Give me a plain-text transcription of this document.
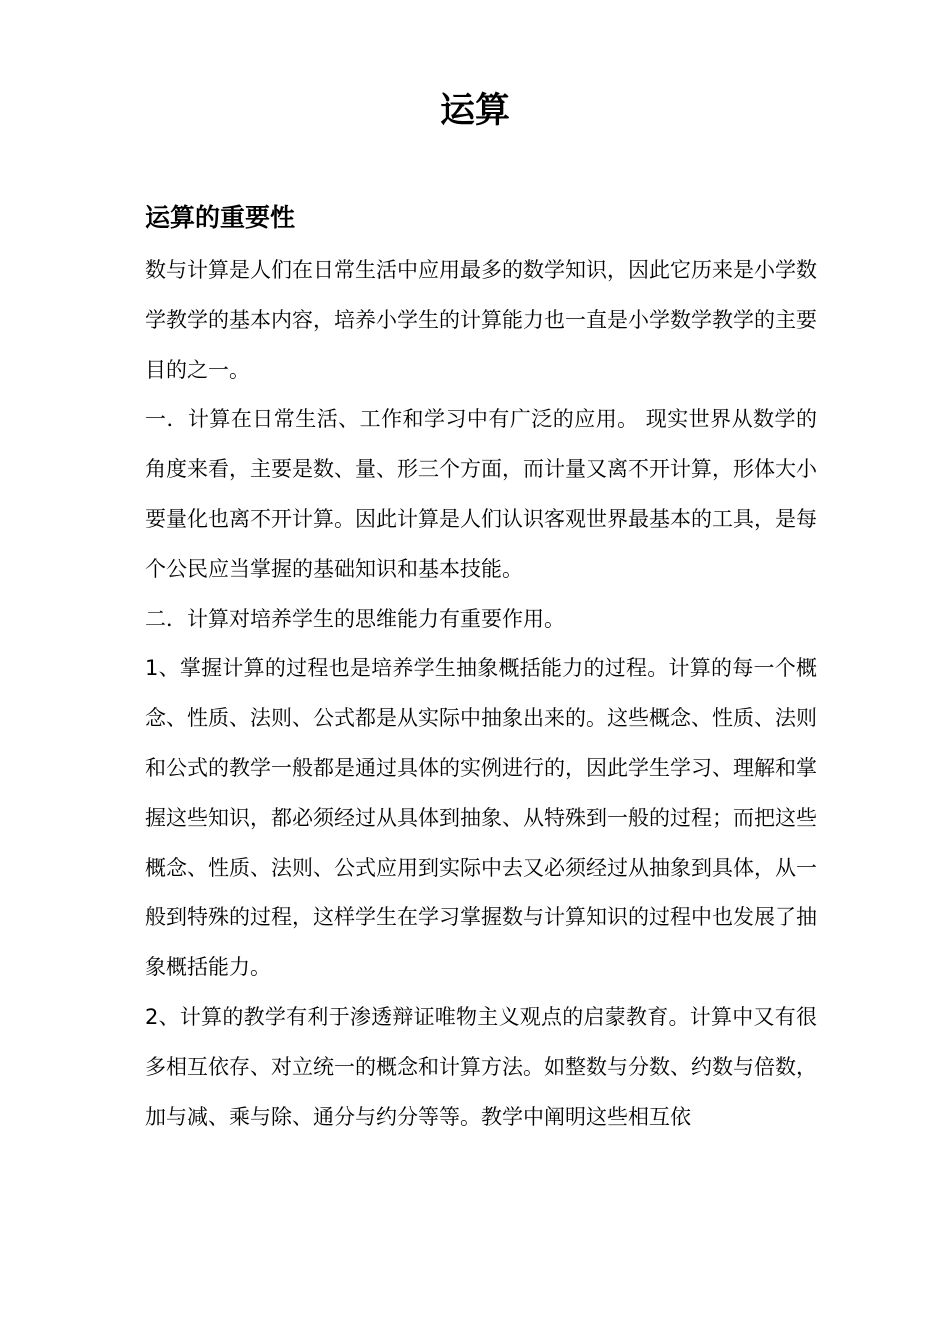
运算
运算的重要性

数与计算是人们在日常生活中应用最多的数学知识，因此它历来是小学数学教学的基本内容，培养小学生的计算能力也一直是小学数学教学的主要目的之一。

一．计算在日常生活、工作和学习中有广泛的应用。 现实世界从数学的角度来看，主要是数、量、形三个方面，而计量又离不开计算，形体大小要量化也离不开计算。因此计算是人们认识客观世界最基本的工具，是每个公民应当掌握的基础知识和基本技能。

二．计算对培养学生的思维能力有重要作用。

1、掌握计算的过程也是培养学生抽象概括能力的过程。计算的每一个概念、性质、法则、公式都是从实际中抽象出来的。这些概念、性质、法则和公式的教学一般都是通过具体的实例进行的，因此学生学习、理解和掌握这些知识，都必须经过从具体到抽象、从特殊到一般的过程；而把这些概念、性质、法则、公式应用到实际中去又必须经过从抽象到具体，从一般到特殊的过程，这样学生在学习掌握数与计算知识的过程中也发展了抽象概括能力。

2、计算的教学有利于渗透辩证唯物主义观点的启蒙教育。计算中又有很多相互依存、对立统一的概念和计算方法。如整数与分数、约数与倍数，加与减、乘与除、通分与约分等等。教学中阐明这些相互依
